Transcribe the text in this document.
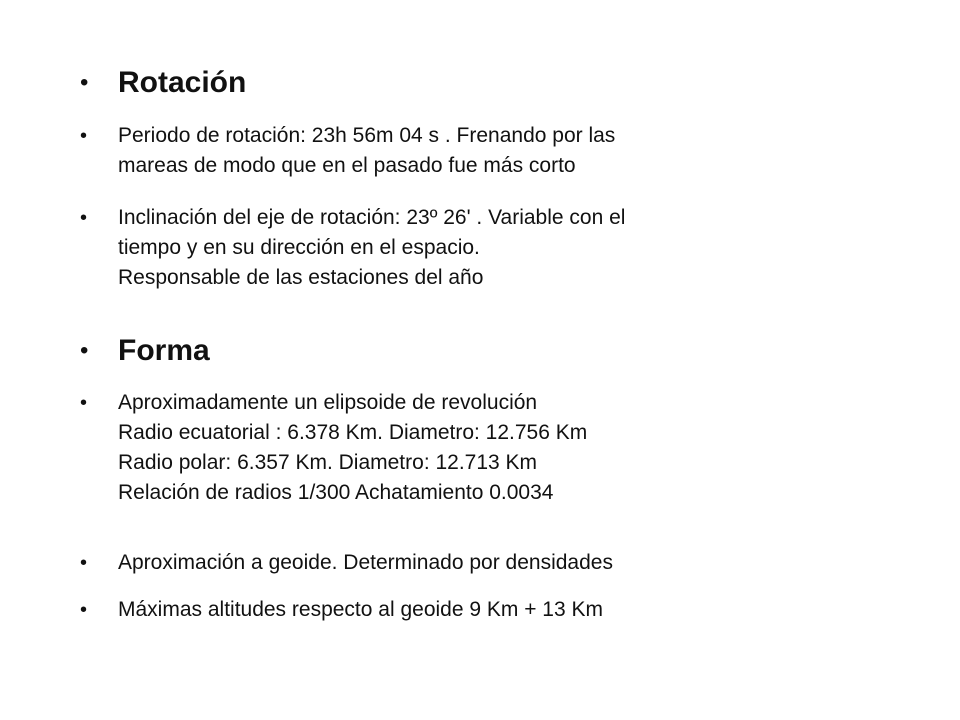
• Rotación
•	Periodo de rotación: 23h 56m 04 s . Frenando por las
mareas de modo que en el pasado fue más corto
•	Inclinación del eje de rotación: 23º 26' . Variable con el
tiempo y en su dirección en el espacio.
Responsable de las estaciones del año
• Forma
•	Aproximadamente un elipsoide de revolución
Radio ecuatorial : 6.378 Km. Diametro: 12.756 Km
Radio polar: 6.357 Km. Diametro: 12.713 Km
Relación de radios 1/300 Achatamiento 0.0034
•	Aproximación a geoide. Determinado por densidades
•	Máximas altitudes respecto al geoide 9 Km + 13 Km
